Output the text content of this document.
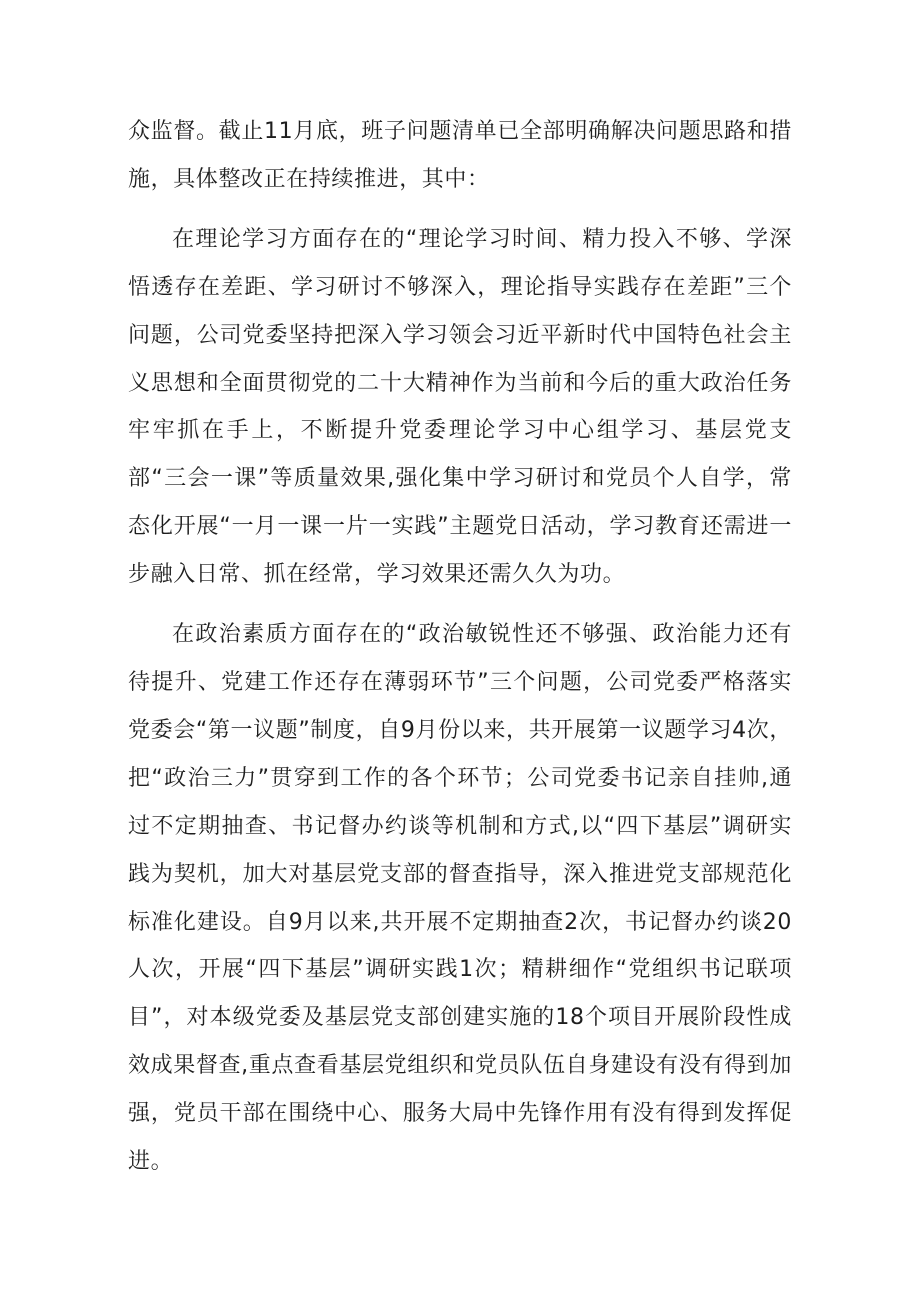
众监督。截止11月底，班子问题清单已全部明确解决问题思路和措施，具体整改正在持续推进，其中：

在理论学习方面存在的“理论学习时间、精力投入不够、学深悟透存在差距、学习研讨不够深入，理论指导实践存在差距”三个问题，公司党委坚持把深入学习领会习近平新时代中国特色社会主义思想和全面贯彻党的二十大精神作为当前和今后的重大政治任务牢牢抓在手上，不断提升党委理论学习中心组学习、基层党支部“三会一课”等质量效果,强化集中学习研讨和党员个人自学，常态化开展“一月一课一片一实践”主题党日活动，学习教育还需进一步融入日常、抓在经常，学习效果还需久久为功。

在政治素质方面存在的“政治敏锐性还不够强、政治能力还有待提升、党建工作还存在薄弱环节”三个问题，公司党委严格落实党委会“第一议题”制度，自9月份以来，共开展第一议题学习4次，把“政治三力”贯穿到工作的各个环节；公司党委书记亲自挂帅,通过不定期抽查、书记督办约谈等机制和方式,以“四下基层”调研实践为契机，加大对基层党支部的督查指导，深入推进党支部规范化标准化建设。自9月以来,共开展不定期抽查2次，书记督办约谈20人次，开展“四下基层”调研实践1次；精耕细作“党组织书记联项目”，对本级党委及基层党支部创建实施的18个项目开展阶段性成效成果督查,重点查看基层党组织和党员队伍自身建设有没有得到加强，党员干部在围绕中心、服务大局中先锋作用有没有得到发挥促进。
